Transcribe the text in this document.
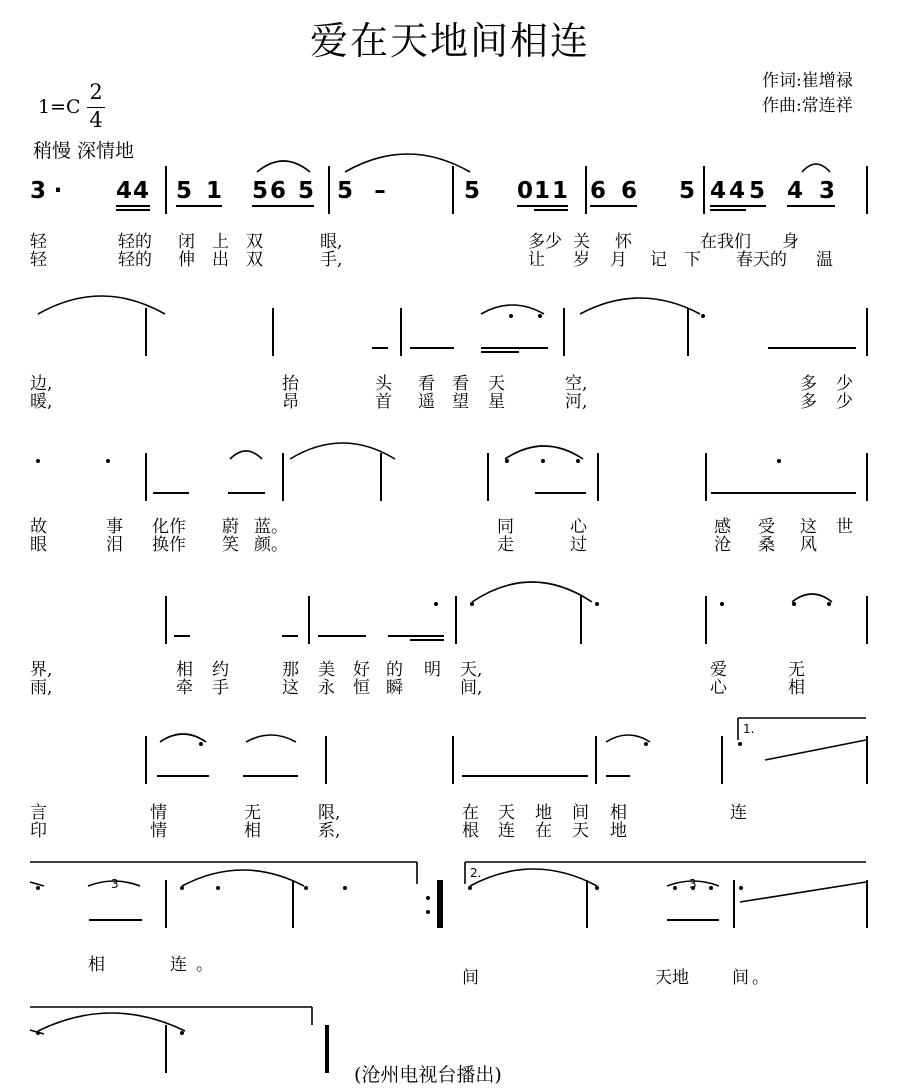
爱在天地间相连
作词:崔增禄
作曲:常连祥
1=C
2
4
稍慢 深情地
3 · 4 4 5 1 5 6 5 5 –	5 0 1 1 6 6 5 4 4 5 4 3
轻	轻的 闭 上 双	眼,	多少 关 怀	在我们 身
轻	轻的 伸 出 双	手,	让 岁 月 记 下 春天的 温
边,	抬	头 看 看 天	空,	多 少
暖,	昂	首 遥 望 星	河,	多 少
故	事 化作 蔚 蓝。	同	心	感 受 这 世
眼	泪 换作 笑 颜。	走	过	沧 桑 风
界,	相 约	那 美 好 的 明 天,	爱	无
雨,	牵 手	这 永 恒 瞬	间,	心	相
言	情	无	限,	在 天 地 间 相	连
印	情	相	系,	根 连 在 天 地
相	连 。
间	天地	间 。
1.
2.
3	3
(沧州电视台播出)
